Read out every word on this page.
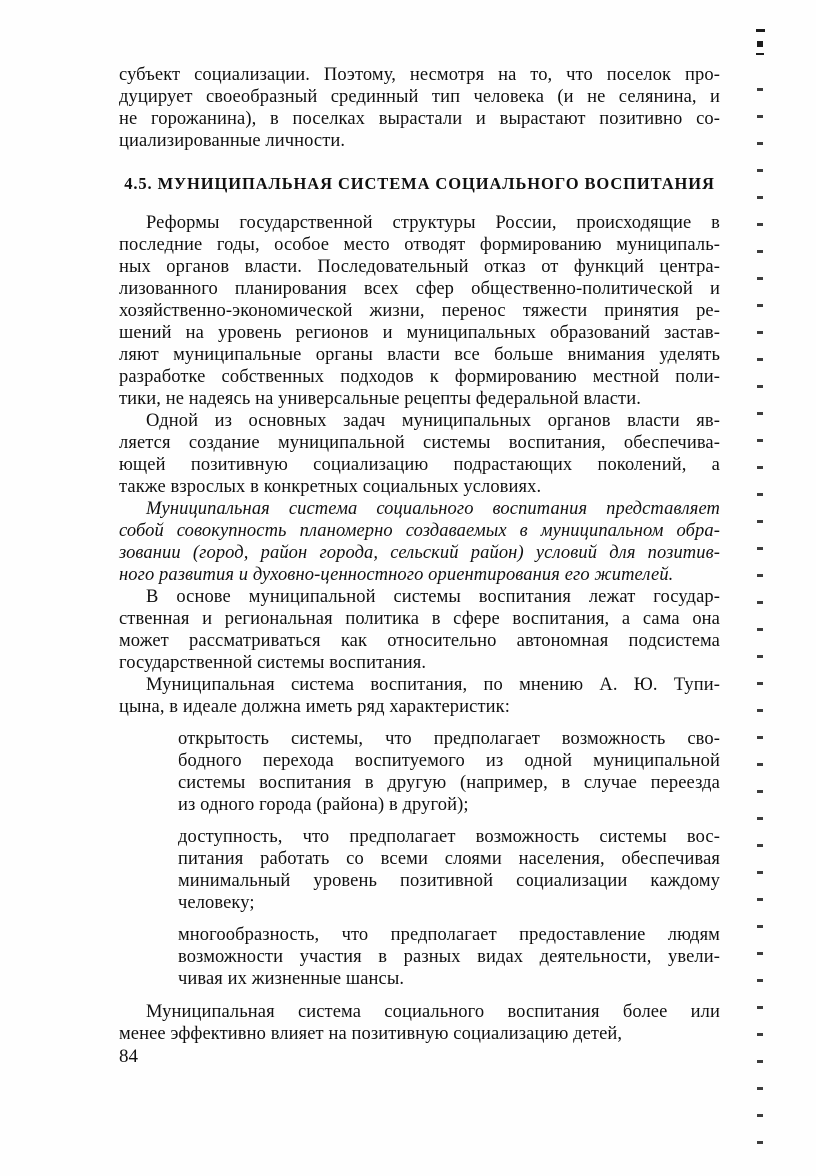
субъект социализации. Поэтому, несмотря на то, что поселок про-
дуцирует своеобразный срединный тип человека (и не селянина, и
не горожанина), в поселках вырастали и вырастают позитивно со-
циализированные личности.
4.5. МУНИЦИПАЛЬНАЯ СИСТЕМА СОЦИАЛЬНОГО ВОСПИТАНИЯ
Реформы государственной структуры России, происходящие в
последние годы, особое место отводят формированию муниципаль-
ных органов власти. Последовательный отказ от функций центра-
лизованного планирования всех сфер общественно-политической и
хозяйственно-экономической жизни, перенос тяжести принятия ре-
шений на уровень регионов и муниципальных образований застав-
ляют муниципальные органы власти все больше внимания уделять
разработке собственных подходов к формированию местной поли-
тики, не надеясь на универсальные рецепты федеральной власти.
Одной из основных задач муниципальных органов власти яв-
ляется создание муниципальной системы воспитания, обеспечива-
ющей позитивную социализацию подрастающих поколений, а
также взрослых в конкретных социальных условиях.
Муниципальная система социального воспитания представляет
собой совокупность планомерно создаваемых в муниципальном обра-
зовании (город, район города, сельский район) условий для позитив-
ного развития и духовно-ценностного ориентирования его жителей.
В основе муниципальной системы воспитания лежат государ-
ственная и региональная политика в сфере воспитания, а сама она
может рассматриваться как относительно автономная подсистема
государственной системы воспитания.
Муниципальная система воспитания, по мнению А. Ю. Тупи-
цына, в идеале должна иметь ряд характеристик:
открытость системы, что предполагает возможность сво-
бодного перехода воспитуемого из одной муниципальной
системы воспитания в другую (например, в случае переезда
из одного города (района) в другой);
доступность, что предполагает возможность системы вос-
питания работать со всеми слоями населения, обеспечивая
минимальный уровень позитивной социализации каждому
человеку;
многообразность, что предполагает предоставление людям
возможности участия в разных видах деятельности, увели-
чивая их жизненные шансы.
Муниципальная система социального воспитания более или
менее эффективно влияет на позитивную социализацию детей,
84
